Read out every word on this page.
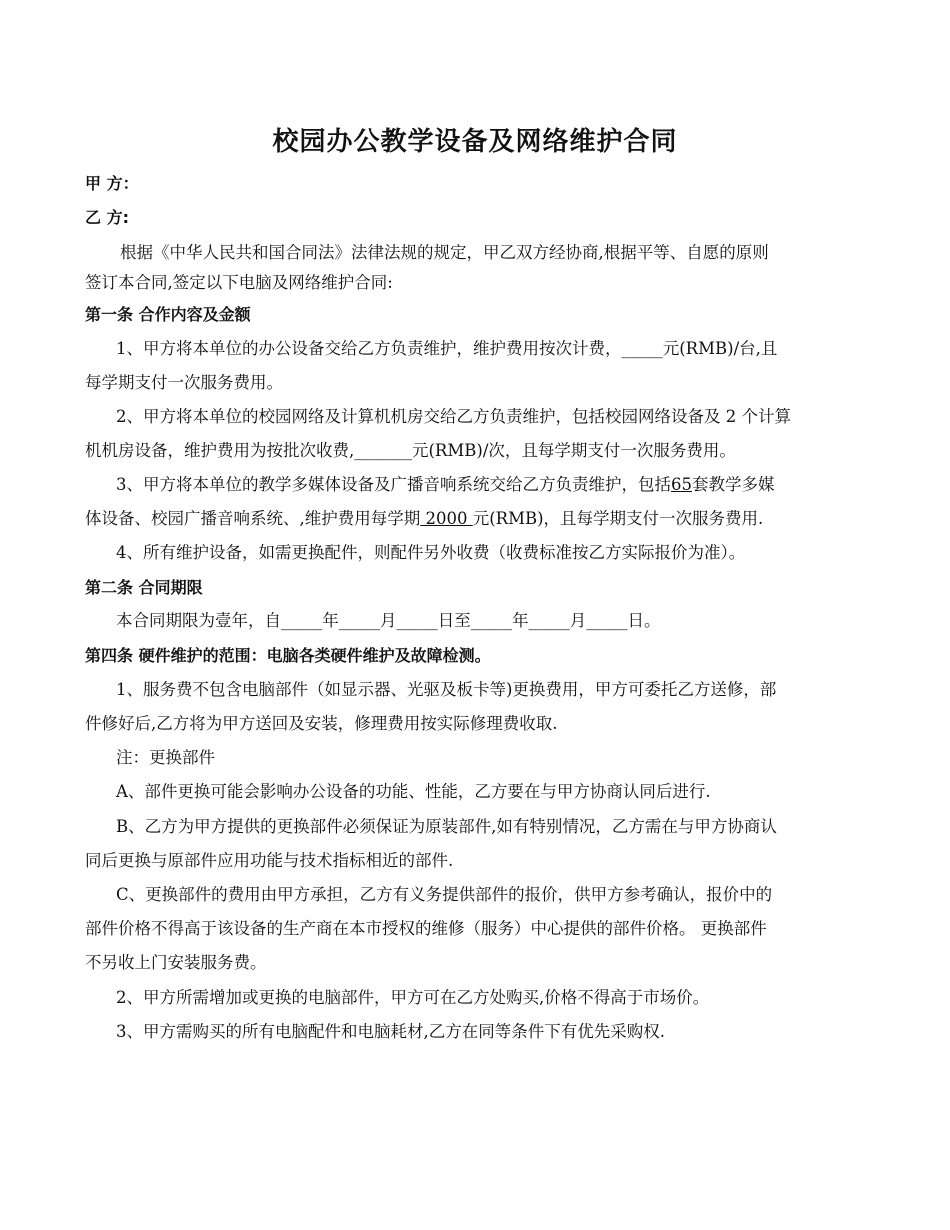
校园办公教学设备及网络维护合同
甲 方：
乙 方:
根据《中华人民共和国合同法》法律法规的规定，甲乙双方经协商,根据平等、自愿的原则
签订本合同,签定以下电脑及网络维护合同:
第一条 合作内容及金额
1、甲方将本单位的办公设备交给乙方负责维护，维护费用按次计费，_____元(RMB)/台,且
每学期支付一次服务费用。
2、甲方将本单位的校园网络及计算机机房交给乙方负责维护，包括校园网络设备及 2 个计算
机机房设备，维护费用为按批次收费,_______元(RMB)/次，且每学期支付一次服务费用。
3、甲方将本单位的教学多媒体设备及广播音响系统交给乙方负责维护，包括65套教学多媒
体设备、校园广播音响系统、,维护费用每学期 2000 元(RMB)，且每学期支付一次服务费用.
4、所有维护设备，如需更换配件，则配件另外收费（收费标准按乙方实际报价为准）。
第二条 合同期限
本合同期限为壹年，自_____年_____月_____日至_____年_____月_____日。
第四条 硬件维护的范围：电脑各类硬件维护及故障检测。
1、服务费不包含电脑部件（如显示器、光驱及板卡等)更换费用，甲方可委托乙方送修，部
件修好后,乙方将为甲方送回及安装，修理费用按实际修理费收取.
注：更换部件
A、部件更换可能会影响办公设备的功能、性能，乙方要在与甲方协商认同后进行.
B、乙方为甲方提供的更换部件必须保证为原装部件,如有特别情况，乙方需在与甲方协商认
同后更换与原部件应用功能与技术指标相近的部件.
C、更换部件的费用由甲方承担，乙方有义务提供部件的报价，供甲方参考确认，报价中的
部件价格不得高于该设备的生产商在本市授权的维修（服务）中心提供的部件价格。 更换部件
不另收上门安装服务费。
2、甲方所需增加或更换的电脑部件，甲方可在乙方处购买,价格不得高于市场价。
3、甲方需购买的所有电脑配件和电脑耗材,乙方在同等条件下有优先采购权.
